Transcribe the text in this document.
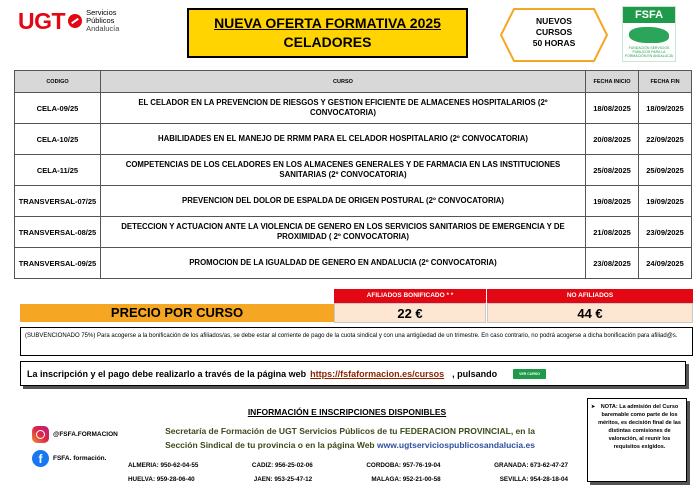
UGT	Servicios
Públicos
Andalucía	NUEVA OFERTA FORMATIVA 2025
CELADORES
NUEVOS
CURSOS
50 HORAS
FSFA
FUNDACIÓN SERVICIOS PÚBLICOS PARA LA FORMACIÓN EN ANDALUCÍA
CODIGO	CURSO	FECHA INICIO	FECHA FIN
CELA-09/25	EL CELADOR EN LA PREVENCION DE RIESGOS Y GESTION EFICIENTE DE ALMACENES HOSPITALARIOS (2º CONVOCATORIA)	18/08/2025	18/09/2025
CELA-10/25	HABILIDADES EN EL MANEJO DE RRMM PARA EL CELADOR HOSPITALARIO (2º CONVOCATORIA)	20/08/2025	22/09/2025
CELA-11/25	COMPETENCIAS DE LOS CELADORES EN LOS ALMACENES GENERALES Y DE FARMACIA EN LAS INSTITUCIONES SANITARIAS (2º CONVOCATORIA)	25/08/2025	25/09/2025
TRANSVERSAL-07/25	PREVENCION DEL DOLOR DE ESPALDA DE ORIGEN POSTURAL (2º CONVOCATORIA)	19/08/2025	19/09/2025
TRANSVERSAL-08/25	DETECCION Y ACTUACION ANTE LA VIOLENCIA DE GENERO EN LOS SERVICIOS SANITARIOS DE EMERGENCIA Y DE PROXIMIDAD ( 2º CONVOCATORIA)	21/08/2025	23/09/2025
TRANSVERSAL-09/25	PROMOCION DE LA IGUALDAD DE GENERO EN ANDALUCIA (2º CONVOCATORIA)	23/08/2025	24/09/2025
AFILIADOS BONIFICADO * *	NO AFILIADOS
PRECIO POR CURSO	22 €	44 €
(SUBVENCIONADO 75%) Para acogerse a la bonificación de los afiliados/as, se debe estar al corriente de pago de la cuota sindical y con una antigüedad de un trimestre. En caso contrario, no podrá acogerse a dicha bonificación para afiliad@s.
La inscripción y el pago debe realizarlo a través de la página web https://fsfaformacion.es/cursos , pulsando	VER CURSO
INFORMACIÓN E INSCRIPCIONES DISPONIBLES
@FSFA.FORMACION
f	FSFA. formación.
Secretaría de Formación de UGT Servicios Públicos de tu FEDERACION PROVINCIAL, en la
Sección Sindical de tu provincia o en la página Web www.ugtserviciospublicosandalucia.es
ALMERIA: 950-62-04-55	CADIZ: 956-25-02-06	CORDOBA: 957-76-19-04	GRANADA: 673-62-47-27
HUELVA: 959-28-06-40	JAEN: 953-25-47-12	MALAGA: 952-21-00-58	SEVILLA: 954-28-18-04
➤ NOTA: La admisión del Curso baremable como parte de los méritos, es decisión final de las distintas comisiones de valoración, al reunir los requisitos exigidos.
